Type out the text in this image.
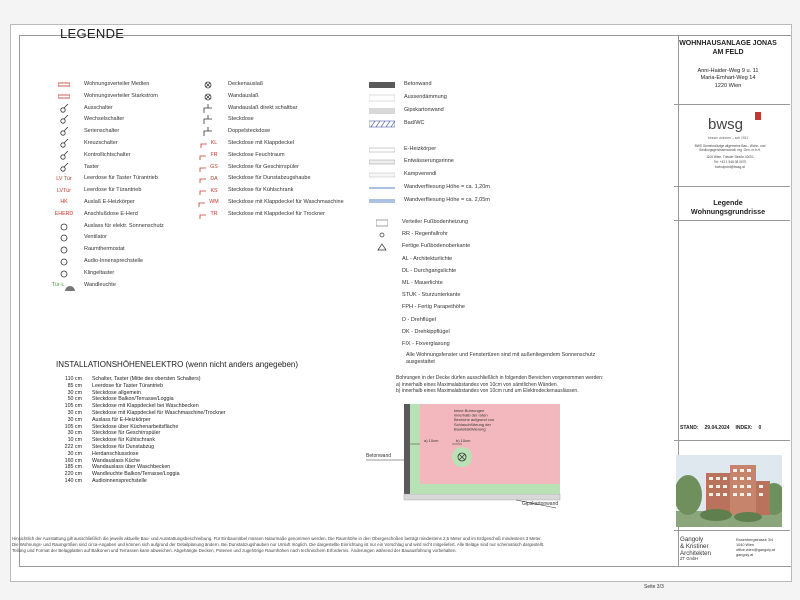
LEGENDE
Wohnungsverteiler Medien
Wohnungsverteiler Starkstrom
Ausschalter
Wechselschalter
Serienschalter
Kreuzschalter
Kontrollichtschalter
Taster
LV Tür	Leerdose für Taster Türantrieb
LVTür	Leerdose für Türantrieb
HK	Auslaß E-Heizkörper
EHERD	Anschlußdose E-Herd
Auslass für elektr. Sonnenschutz
Ventilator
Raumthermostat
Audio-Innensprechstelle
Klingeltaster
Tür-L	Wandleuchte
Deckenauslaß
Wandauslaß
Wandauslaß direkt schaltbar
Steckdose
Doppelsteckdose
KL Steckdose mit Klappdeckel
FR Steckdose Feuchtraum
GS Steckdose für Geschirrspüler
DA Steckdose für Dunstabzugshaube
KS Steckdose für Kühlschrank
WM Steckdose mit Klappdeckel für Waschmaschine
TR Steckdose mit Klappdeckel für Trockner
Betonwand
Aussendämmung
Gipskartonwand
Bad/WC
E-Heizkörper
Entwässerungsrinne
Kampverendi
Wandverfliesung Höhe = ca. 1,20m
Wandverfliesung Höhe = ca. 2,05m
Verteiler Fußbodenheizung
RR - Regenfallrohr
Fertige Fußbodenoberkante
AL - Architekturlichte
DL - Durchgangslichte
ML - Mauerlichte
STUK - Sturzunterkante
FPH - Fertig Parapethöhe
D - Drehflügel
DK - Drehkippflügel
FIX - Fixverglasung
Alle Wohnungsfenster und Fenstertüren sind mit außenliegendem Sonnenschutz ausgestattet
INSTALLATIONSHÖHENELEKTRO (wenn nicht anders angegeben)
110 cm Schalter, Taster (Mitte des obersten Schalters)
85 cm Leerdose für Taster Türantrieb
30 cm Steckdose allgemein
50 cm Steckdose Balkon/Terrasse/Loggia
105 cm Steckdose mit Klappdeckel bei Waschbecken
30 cm Steckdose mit Klappdeckel für Waschmaschine/Trockner
30 cm Auslass für E-Heizkörper
105 cm Steckdose über Küchenarbeitsfläche
30 cm Steckdose für Geschirrspüler
10 cm Steckdose für Kühlschrank
222 cm Steckdose für Dunstabzug
30 cm Herdanschlussdose
160 cm Wandauslass Küche
185 cm Wandauslass über Waschbecken
220 cm Wandleuchte Balkon/Terrasse/Loggia
140 cm Audioinnensprechstelle
Bohrungen in der Decke dürfen ausschließlich in folgenden Bereichen vorgenommen werden:
a) innerhalb eines Maximalabstandes von 10cm von sämtlichen Wänden.
b) innerhalb eines Maximalabstandes von 10cm rund um Elektrodeckenauslässen.
keine Bohrungen innerhalb der roten Bereiche aufgrund von Schlauchführung der Bauteilaktivierung
a) 10cm	b) 10cm
Betonwand
Gipskartonwand
Hinsichtlich der Ausstattung gilt ausschließlich die jeweils aktuelle Bau- und Ausstattungsbeschreibung. Für Einbaumöbel müssen Naturmaße genommen werden. Die Raumhöhe in den Obergeschoßen beträgt mindestens 2,5 Meter und im Erdgeschoß mindestens 3 Meter.
Die Wohnungs- und Raumgrößen sind circa-Angaben und können sich aufgrund der Detailplanung ändern. Bei Dunstabzugshauben nur Umluft möglich. Die dargestellte Einrichtung ist nur ein Vorschlag und wird nicht mitgeliefert. Alle Beläge sind nur schematisch dargestellt.
Teilung und Format der Belagplatten auf Balkonen und Terrassen kann abweichen. Abgehängte Decken, Poterien und zugehörige Raumhöhen nach technischem Erfordernis. Änderungen während der Bauausführung vorbehalten.
Seite 3/3
WOHNHAUSANLAGE JONAS AM FELD
Anni-Haider-Weg 9 u. 11
Maria-Emhart-Weg 14
1220 Wien
bwsg
besser wohnen – seit 1911
BWS Gemeinnützige allgemeine Bau-, Wohn- und Siedlungsgenossenschaft, reg. Gen. m.b.H.
1100 Wien, Triester Straße 40/2/1
Tel: +43 1 546 08 0070
bwhotpoint@bwsg.at
Legende
Wohnungsgrundrisse
STAND: 29.04.2024 INDEX: 0
Gangoly
& Kristiner
Architekten
ZT GmbH
Rosenbergstrasse 3/4
1040 Wien
office.wien@gangoly.at
gangoly.at
